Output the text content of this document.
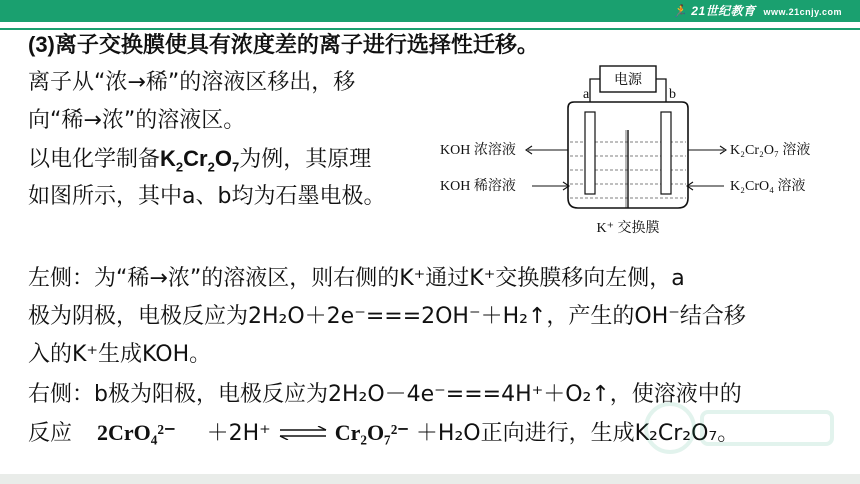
🏃 21世纪教育 www.21cnjy.com
(3)离子交换膜使具有浓度差的离子进行选择性迁移。
离子从“浓→稀”的溶液区移出，移
向“稀→浓”的溶液区。
以电化学制备$K_2Cr_2O_7$为例，其原理
如图所示，其中a、b均为石墨电极。
电源
a	b
KOH 浓溶液
KOH 稀溶液
K₂Cr₂O₇ 溶液
K₂CrO₄ 溶液
K⁺ 交换膜
左侧：为“稀→浓”的溶液区，则右侧的K⁺通过K⁺交换膜移向左侧，a
极为阴极，电极反应为2H₂O＋2e⁻===2OH⁻＋H₂↑，产生的OH⁻结合移
入的K⁺生成KOH。
右侧：b极为阳极，电极反应为2H₂O－4e⁻===4H⁺＋O₂↑，使溶液中的
反应 2CrO₄²⁻ ＋2H⁺ ⇌ Cr₂O₇²⁻ ＋H₂O正向进行，生成K₂Cr₂O₇。
